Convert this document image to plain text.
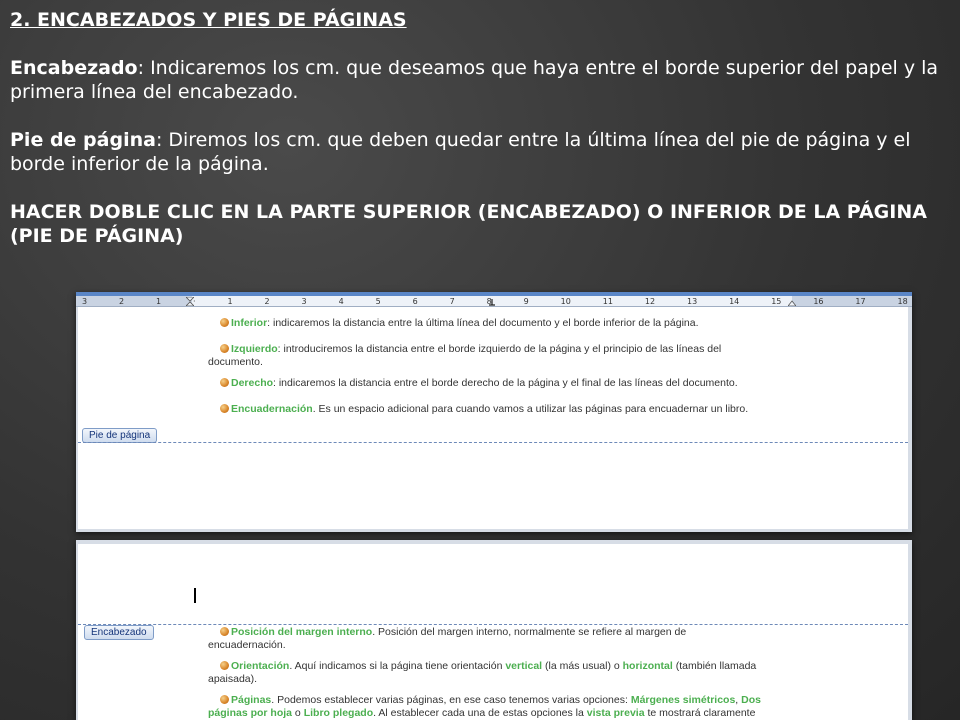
2. ENCABEZADOS Y PIES DE PÁGINAS

Encabezado: Indicaremos los cm. que deseamos que haya entre el borde superior del papel y la primera línea del encabezado.

Pie de página: Diremos los cm. que deben quedar entre la última línea del pie de página y el borde inferior de la página.

HACER DOBLE CLIC EN LA PARTE SUPERIOR (ENCABEZADO) O INFERIOR DE LA PÁGINA (PIE DE PÁGINA)

3	2	1	·	1	2	3	4	5	6	7	8	9	10	11	12	13	14	15	16	17	18
Inferior: indicaremos la distancia entre la última línea del documento y el borde inferior de la página.
Izquierdo: introduciremos la distancia entre el borde izquierdo de la página y el principio de las líneas del
documento.
Derecho: indicaremos la distancia entre el borde derecho de la página y el final de las líneas del documento.
Encuadernación. Es un espacio adicional para cuando vamos a utilizar las páginas para encuadernar un libro.
Pie de página
Encabezado	Posición del margen interno. Posición del margen interno, normalmente se refiere al margen de
encuadernación.
Orientación. Aquí indicamos si la página tiene orientación vertical (la más usual) o horizontal (también llamada
apaisada).
Páginas. Podemos establecer varias páginas, en ese caso tenemos varias opciones: Márgenes simétricos, Dos
páginas por hoja o Libro plegado. Al establecer cada una de estas opciones la vista previa te mostrará claramente
